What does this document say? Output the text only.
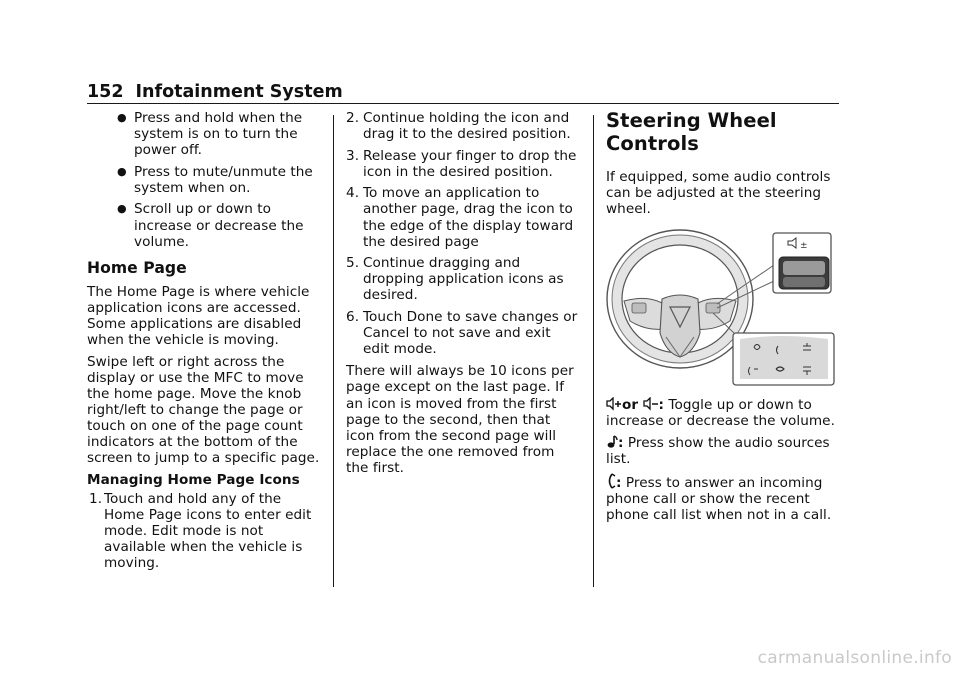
152 Infotainment System
● Press and hold when the system is on to turn the power off.
● Press to mute/unmute the system when on.
● Scroll up or down to increase or decrease the volume.
Home Page

The Home Page is where vehicle application icons are accessed. Some applications are disabled when the vehicle is moving.

Swipe left or right across the display or use the MFC to move the home page. Move the knob right/left to change the page or touch on one of the page count indicators at the bottom of the screen to jump to a specific page.

Managing Home Page Icons
1. Touch and hold any of the Home Page icons to enter edit mode. Edit mode is not available when the vehicle is moving.
2. Continue holding the icon and drag it to the desired position.
3. Release your finger to drop the icon in the desired position.
4. To move an application to another page, drag the icon to the edge of the display toward the desired page
5. Continue dragging and dropping application icons as desired.
6. Touch Done to save changes or Cancel to not save and exit edit mode.

There will always be 10 icons per page except on the last page. If an icon is moved from the first page to the second, then that icon from the second page will replace the one removed from the first.

Steering Wheel Controls

If equipped, some audio controls can be adjusted at the steering wheel.

±

or : Toggle up or down to increase or decrease the volume.

: Press show the audio sources list.

: Press to answer an incoming phone call or show the recent phone call list when not in a call.

carmanualsonline.info
